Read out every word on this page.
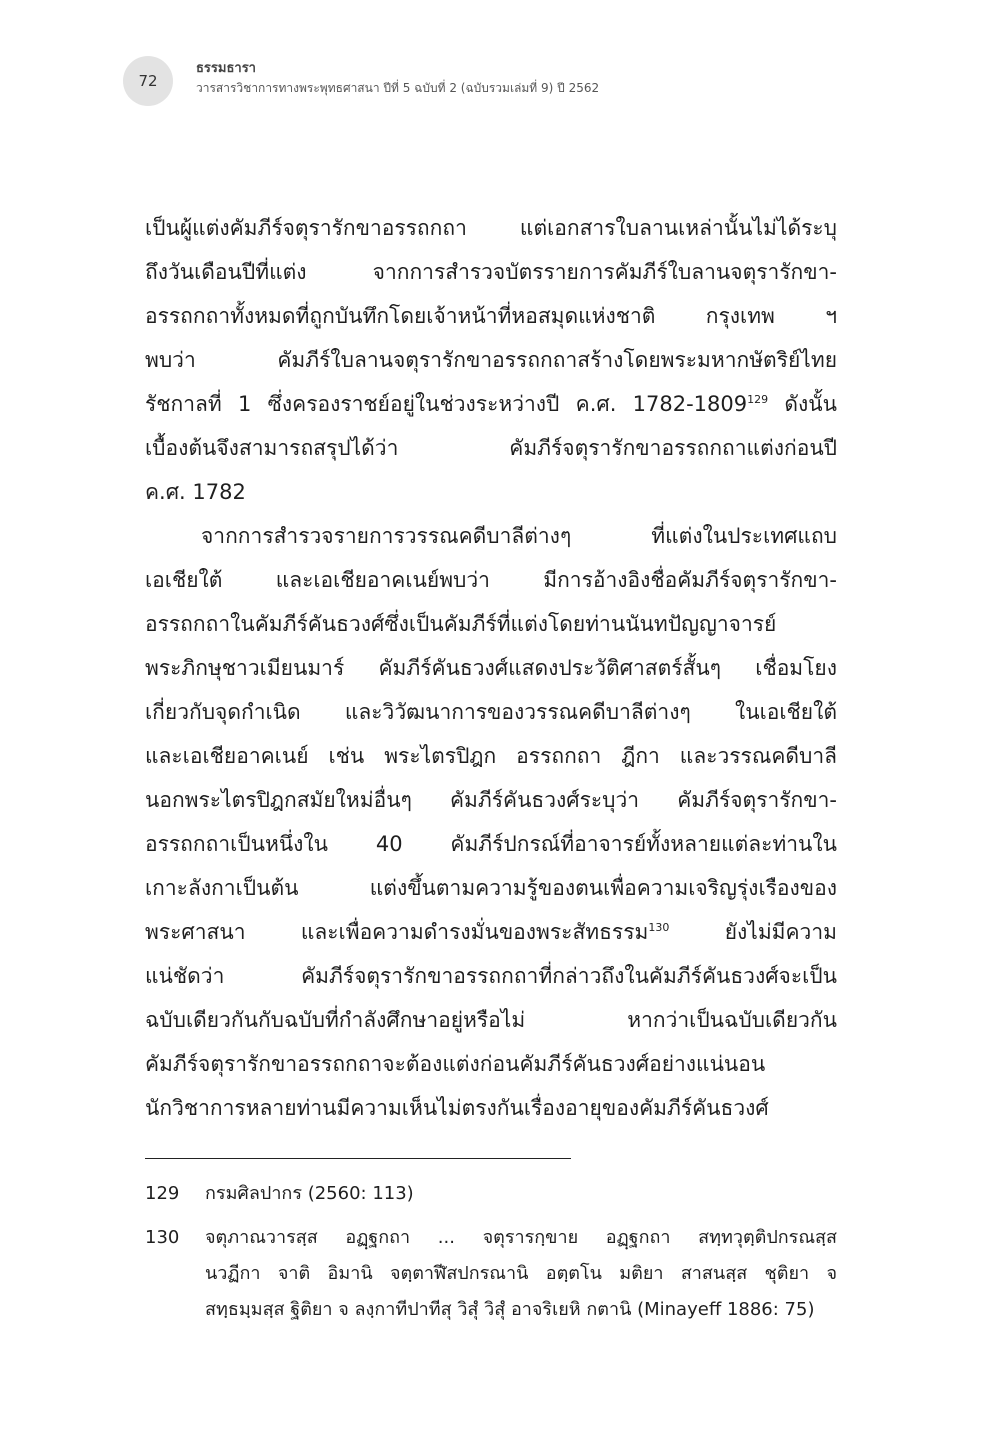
72
ธรรมธารา
วารสารวิชาการทางพระพุทธศาสนา ปีที่ 5 ฉบับที่ 2 (ฉบับรวมเล่มที่ 9) ปี 2562
เป็นผู้แต่งคัมภีร์จตุรารักขาอรรถกถา แต่เอกสารใบลานเหล่านั้นไม่ได้ระบุ
ถึงวันเดือนปีที่แต่ง จากการสำรวจบัตรรายการคัมภีร์ใบลานจตุรารักขา-
อรรถกถาทั้งหมดที่ถูกบันทึกโดยเจ้าหน้าที่หอสมุดแห่งชาติ กรุงเทพ ฯ
พบว่า คัมภีร์ใบลานจตุรารักขาอรรถกถาสร้างโดยพระมหากษัตริย์ไทย
รัชกาลที่ 1 ซึ่งครองราชย์อยู่ในช่วงระหว่างปี ค.ศ. 1782-1809$^{129}$ ดังนั้น
เบื้องต้นจึงสามารถสรุปได้ว่า คัมภีร์จตุรารักขาอรรถกถาแต่งก่อนปี
ค.ศ. 1782
จากการสำรวจรายการวรรณคดีบาลีต่างๆ ที่แต่งในประเทศแถบ
เอเชียใต้ และเอเชียอาคเนย์พบว่า มีการอ้างอิงชื่อคัมภีร์จตุรารักขา-
อรรถกถาในคัมภีร์คันธวงศ์ซึ่งเป็นคัมภีร์ที่แต่งโดยท่านนันทปัญญาจารย์
พระภิกษุชาวเมียนมาร์ คัมภีร์คันธวงศ์แสดงประวัติศาสตร์สั้นๆ เชื่อมโยง
เกี่ยวกับจุดกำเนิด และวิวัฒนาการของวรรณคดีบาลีต่างๆ ในเอเชียใต้
และเอเชียอาคเนย์ เช่น พระไตรปิฎก อรรถกถา ฎีกา และวรรณคดีบาลี
นอกพระไตรปิฎกสมัยใหม่อื่นๆ คัมภีร์คันธวงศ์ระบุว่า คัมภีร์จตุรารักขา-
อรรถกถาเป็นหนึ่งใน 40 คัมภีร์ปกรณ์ที่อาจารย์ทั้งหลายแต่ละท่านใน
เกาะลังกาเป็นต้น แต่งขึ้นตามความรู้ของตนเพื่อความเจริญรุ่งเรืองของ
พระศาสนา และเพื่อความดำรงมั่นของพระสัทธรรม$^{130}$ ยังไม่มีความ
แน่ชัดว่า คัมภีร์จตุรารักขาอรรถกถาที่กล่าวถึงในคัมภีร์คันธวงศ์จะเป็น
ฉบับเดียวกันกับฉบับที่กำลังศึกษาอยู่หรือไม่ หากว่าเป็นฉบับเดียวกัน
คัมภีร์จตุรารักขาอรรถกถาจะต้องแต่งก่อนคัมภีร์คันธวงศ์อย่างแน่นอน
นักวิชาการหลายท่านมีความเห็นไม่ตรงกันเรื่องอายุของคัมภีร์คันธวงศ์
129	กรมศิลปากร (2560: 113)
130	จตุภาณวารสฺส อฏฺฐกถา ... จตุรารกฺขาย อฏฺฐกถา สทฺทวุตฺติปกรณสฺส
นวฏีกา จาติ อิมานิ จตฺตาฬีสปกรณานิ อตฺตโน มติยา สาสนสฺส ชุติยา จ
สทฺธมฺมสฺส ฐิติยา จ ลงฺกาทีปาทีสุ วิสุํ วิสุํ อาจริเยหิ กตานิ (Minayeff 1886: 75)
